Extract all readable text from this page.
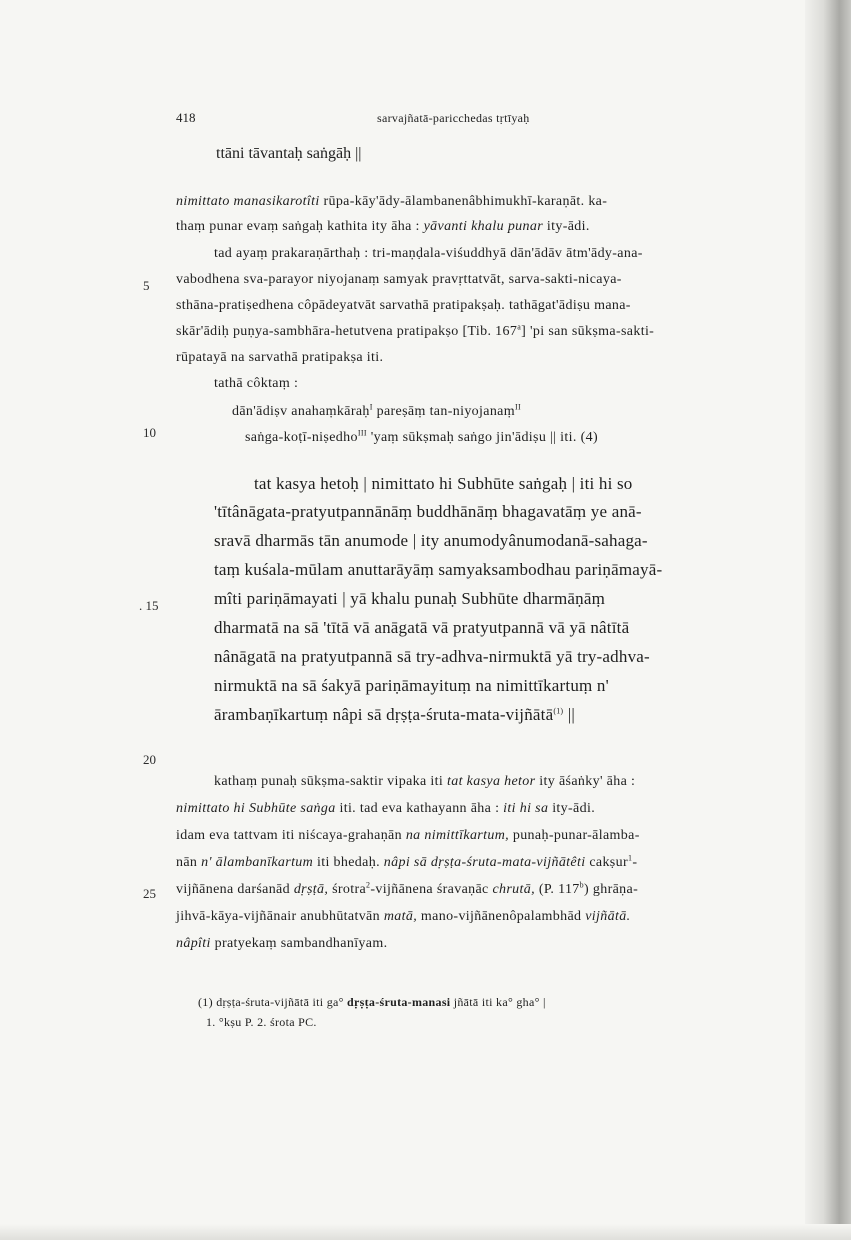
418	sarvajñatā-paricchedas tṛtīyaḥ
ttāni tāvantaḥ saṅgāḥ ||
5
10
. 15
20
25
nimittato manasikarotîti rūpa-kāy'ādy-ālambanenâbhimukhī-karaṇāt. ka-
thaṃ punar evaṃ saṅgaḥ kathita ity āha : yāvanti khalu punar ity-ādi.
tad ayaṃ prakaraṇārthaḥ : tri-maṇḍala-viśuddhyā dān'ādāv ātm'ādy-ana-
vabodhena sva-parayor niyojanaṃ samyak pravṛttatvāt, sarva-sakti-nicaya-
sthāna-pratiṣedhena côpādeyatvāt sarvathā pratipakṣaḥ. tathāgat'ādiṣu mana-
skār'ādiḥ puṇya-sambhāra-hetutvena pratipakṣo [Tib. 167$^a$] 'pi san sūkṣma-sakti-
rūpatayā na sarvathā pratipakṣa iti.
tathā côktaṃ :
dān'ādiṣv anahaṃkāraḥ$^I$ pareṣāṃ tan-niyojanaṃ$^{II}$
saṅga-koṭī-niṣedho$^{III}$ 'yaṃ sūkṣmaḥ saṅgo jin'ādiṣu || iti. (4)
tat kasya hetoḥ | nimittato hi Subhūte saṅgaḥ | iti hi so
'tītânāgata-pratyutpannānāṃ buddhānāṃ bhagavatāṃ ye anā-
sravā dharmās tān anumode | ity anumodyânumodanā-sahaga-
taṃ kuśala-mūlam anuttarāyāṃ samyaksambodhau pariṇāmayā-
mîti pariṇāmayati | yā khalu punaḥ Subhūte dharmāṇāṃ
dharmatā na sā 'tītā vā anāgatā vā pratyutpannā vā yā nâtītā
nânāgatā na pratyutpannā sā try-adhva-nirmuktā yā try-adhva-
nirmuktā na sā śakyā pariṇāmayituṃ na nimittīkartuṃ n'
ārambaṇīkartuṃ nâpi sā dṛṣṭa-śruta-mata-vijñātā$^{(1)}$ ||
kathaṃ punaḥ sūkṣma-saktir vipaka iti tat kasya hetor ity āśaṅky' āha :
nimittato hi Subhūte saṅga iti. tad eva kathayann āha : iti hi sa ity-ādi.
idam eva tattvam iti niścaya-grahaṇān na nimittīkartum, punaḥ-punar-ālamba-
nān n' ālambanīkartum iti bhedaḥ. nâpi sā dṛṣṭa-śruta-mata-vijñātêti cakṣur$^1$-
vijñānena darśanād dṛṣṭā, śrotra$^2$-vijñānena śravaṇāc chrutā, (P. 117$^b$) ghrāṇa-
jihvā-kāya-vijñānair anubhūtatvān matā, mano-vijñānenôpalambhād vijñātā.
nâpîti pratyekaṃ sambandhanīyam.
(1) dṛṣṭa-śruta-vijñātā iti ga° dṛṣṭa-śruta-manasi jñātā iti ka° gha° |
1. °kṣu P. 2. śrota PC.
